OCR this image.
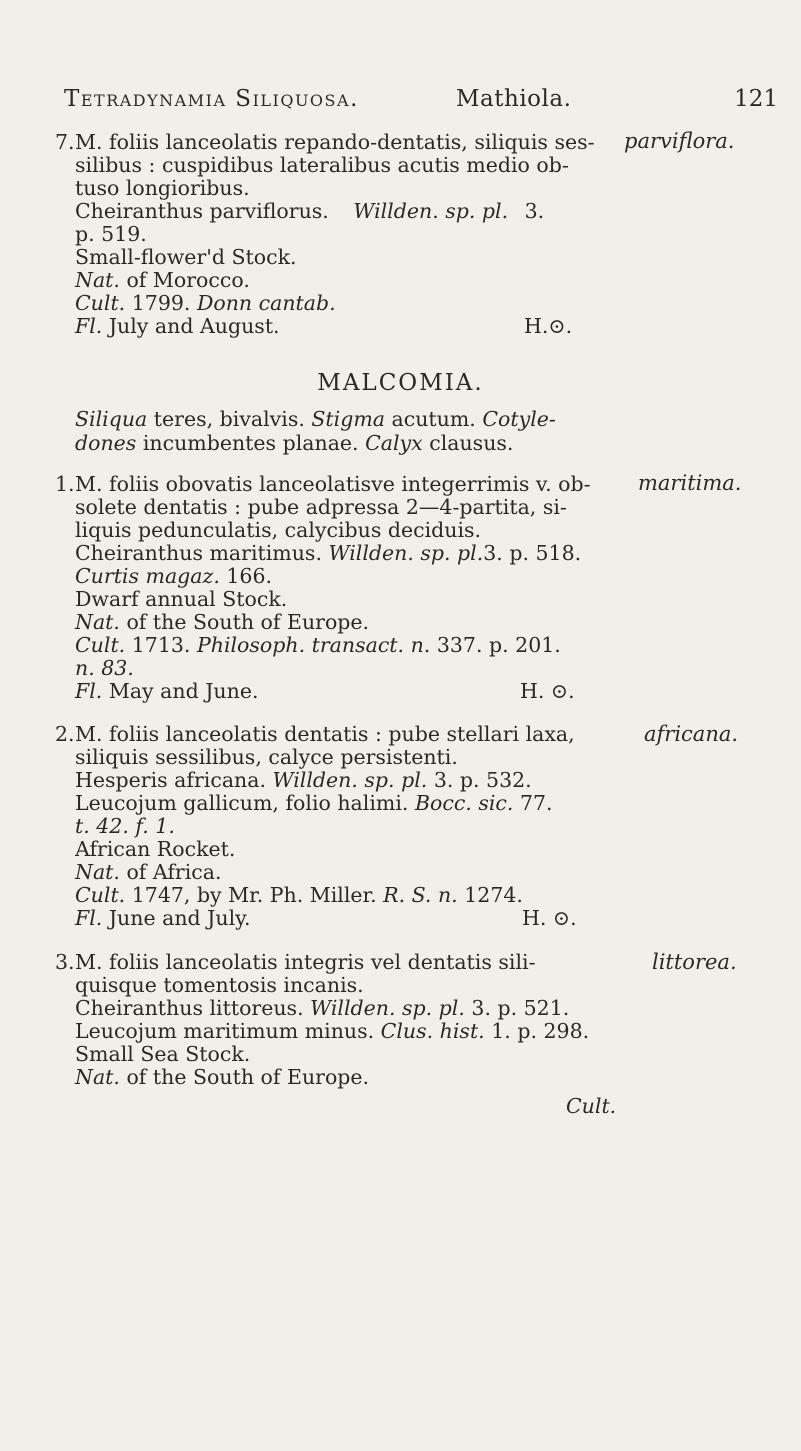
Tetradynamia Siliquosa.	Mathiola.	121
7. M. foliis lanceolatis repando-dentatis, siliquis ses- parviflora.
silibus : cuspidibus lateralibus acutis medio ob-
tuso longioribus.
Cheiranthus parviflorus. Willden. sp. pl. 3.
p. 519.
Small-flower'd Stock.
Nat. of Morocco.
Cult. 1799. Donn cantab.
Fl. July and August.	H.⊙.
MALCOMIA.
Siliqua teres, bivalvis. Stigma acutum. Cotyle-
dones incumbentes planae. Calyx clausus.
1. M. foliis obovatis lanceolatisve integerrimis v. ob- maritima.
solete dentatis : pube adpressa 2—4-partita, si-
liquis pedunculatis, calycibus deciduis.
Cheiranthus maritimus. Willden. sp. pl.3. p. 518.
Curtis magaz. 166.
Dwarf annual Stock.
Nat. of the South of Europe.
Cult. 1713. Philosoph. transact. n. 337. p. 201.
n. 83.
Fl. May and June.	H. ⊙.
2. M. foliis lanceolatis dentatis : pube stellari laxa,	africana.
siliquis sessilibus, calyce persistenti.
Hesperis africana. Willden. sp. pl. 3. p. 532.
Leucojum gallicum, folio halimi. Bocc. sic. 77.
t. 42. f. 1.
African Rocket.
Nat. of Africa.
Cult. 1747, by Mr. Ph. Miller. R. S. n. 1274.
Fl. June and July.	H. ⊙.
3. M. foliis lanceolatis integris vel dentatis sili-	littorea.
quisque tomentosis incanis.
Cheiranthus littoreus. Willden. sp. pl. 3. p. 521.
Leucojum maritimum minus. Clus. hist. 1. p. 298.
Small Sea Stock.
Nat. of the South of Europe.
Cult.
